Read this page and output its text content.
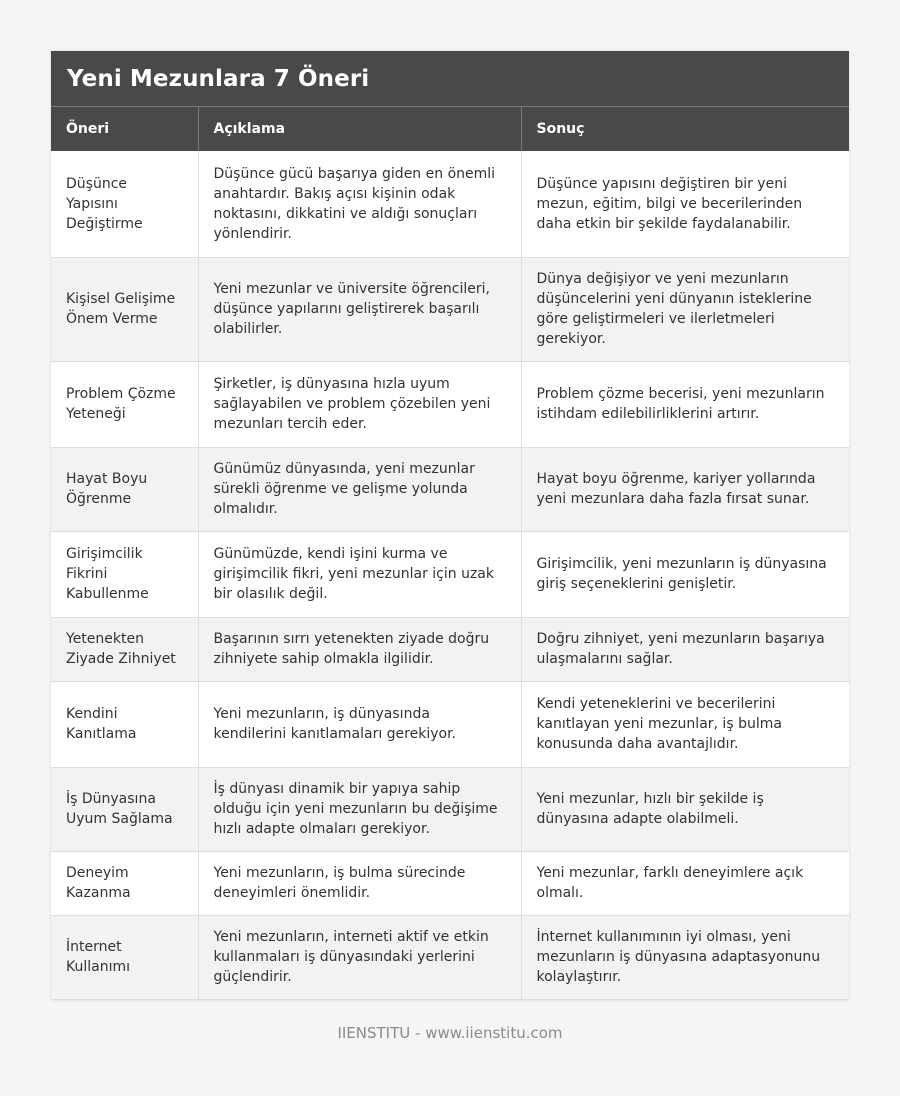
Yeni Mezunlara 7 Öneri
Öneri	Açıklama	Sonuç
Düşünce Yapısını Değiştirme	Düşünce gücü başarıya giden en önemli anahtardır. Bakış açısı kişinin odak noktasını, dikkatini ve aldığı sonuçları yönlendirir.	Düşünce yapısını değiştiren bir yeni mezun, eğitim, bilgi ve becerilerinden daha etkin bir şekilde faydalanabilir.
Kişisel Gelişime Önem Verme	Yeni mezunlar ve üniversite öğrencileri, düşünce yapılarını geliştirerek başarılı olabilirler.	Dünya değişiyor ve yeni mezunların düşüncelerini yeni dünyanın isteklerine göre geliştirmeleri ve ilerletmeleri gerekiyor.
Problem Çözme Yeteneği	Şirketler, iş dünyasına hızla uyum sağlayabilen ve problem çözebilen yeni mezunları tercih eder.	Problem çözme becerisi, yeni mezunların istihdam edilebilirliklerini artırır.
Hayat Boyu Öğrenme	Günümüz dünyasında, yeni mezunlar sürekli öğrenme ve gelişme yolunda olmalıdır.	Hayat boyu öğrenme, kariyer yollarında yeni mezunlara daha fazla fırsat sunar.
Girişimcilik Fikrini Kabullenme	Günümüzde, kendi işini kurma ve girişimcilik fikri, yeni mezunlar için uzak bir olasılık değil.	Girişimcilik, yeni mezunların iş dünyasına giriş seçeneklerini genişletir.
Yetenekten Ziyade Zihniyet	Başarının sırrı yetenekten ziyade doğru zihniyete sahip olmakla ilgilidir.	Doğru zihniyet, yeni mezunların başarıya ulaşmalarını sağlar.
Kendini Kanıtlama	Yeni mezunların, iş dünyasında kendilerini kanıtlamaları gerekiyor.	Kendi yeteneklerini ve becerilerini kanıtlayan yeni mezunlar, iş bulma konusunda daha avantajlıdır.
İş Dünyasına Uyum Sağlama	İş dünyası dinamik bir yapıya sahip olduğu için yeni mezunların bu değişime hızlı adapte olmaları gerekiyor.	Yeni mezunlar, hızlı bir şekilde iş dünyasına adapte olabilmeli.
Deneyim Kazanma	Yeni mezunların, iş bulma sürecinde deneyimleri önemlidir.	Yeni mezunlar, farklı deneyimlere açık olmalı.
İnternet Kullanımı	Yeni mezunların, interneti aktif ve etkin kullanmaları iş dünyasındaki yerlerini güçlendirir.	İnternet kullanımının iyi olması, yeni mezunların iş dünyasına adaptasyonunu kolaylaştırır.
IIENSTITU - www.iienstitu.com
